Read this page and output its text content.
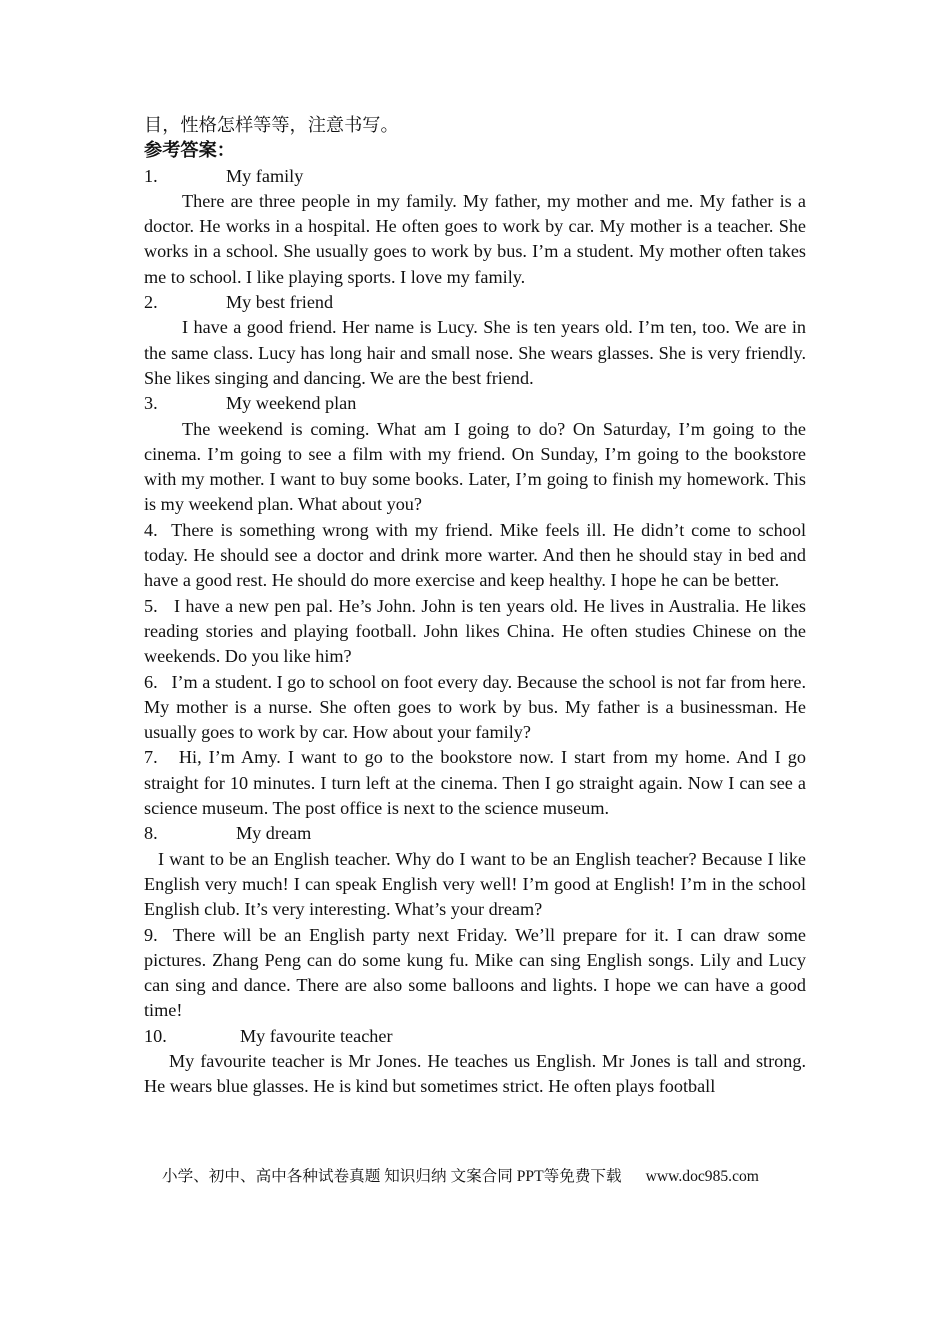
目，性格怎样等等，注意书写。

参考答案：

1.	My family

There are three people in my family. My father, my mother and me. My father is a doctor. He works in a hospital. He often goes to work by car. My mother is a teacher. She works in a school. She usually goes to work by bus. I’m a student. My mother often takes me to school. I like playing sports. I love my family.

2.	My best friend

I have a good friend. Her name is Lucy. She is ten years old. I’m ten, too. We are in the same class. Lucy has long hair and small nose. She wears glasses. She is very friendly. She likes singing and dancing. We are the best friend.

3.	My weekend plan

The weekend is coming. What am I going to do? On Saturday, I’m going to the cinema. I’m going to see a film with my friend. On Sunday, I’m going to the bookstore with my mother. I want to buy some books. Later, I’m going to finish my homework. This is my weekend plan. What about you?

4. There is something wrong with my friend. Mike feels ill. He didn’t come to school today. He should see a doctor and drink more warter. And then he should stay in bed and have a good rest. He should do more exercise and keep healthy. I hope he can be better.

5. I have a new pen pal. He’s John. John is ten years old. He lives in Australia. He likes reading stories and playing football. John likes China. He often studies Chinese on the weekends. Do you like him?

6. I’m a student. I go to school on foot every day. Because the school is not far from here. My mother is a nurse. She often goes to work by bus. My father is a businessman. He usually goes to work by car. How about your family?

7. Hi, I’m Amy. I want to go to the bookstore now. I start from my home. And I go straight for 10 minutes. I turn left at the cinema. Then I go straight again. Now I can see a science museum. The post office is next to the science museum.

8.	My dream

I want to be an English teacher. Why do I want to be an English teacher? Because I like English very much! I can speak English very well! I’m good at English! I’m in the school English club. It’s very interesting. What’s your dream?

9. There will be an English party next Friday. We’ll prepare for it. I can draw some pictures. Zhang Peng can do some kung fu. Mike can sing English songs. Lily and Lucy can sing and dance. There are also some balloons and lights. I hope we can have a good time!

10.	My favourite teacher

My favourite teacher is Mr Jones. He teaches us English. Mr Jones is tall and strong. He wears blue glasses. He is kind but sometimes strict. He often plays football

小学、初中、高中各种试卷真题 知识归纳 文案合同 PPT等免费下载 www.doc985.com
